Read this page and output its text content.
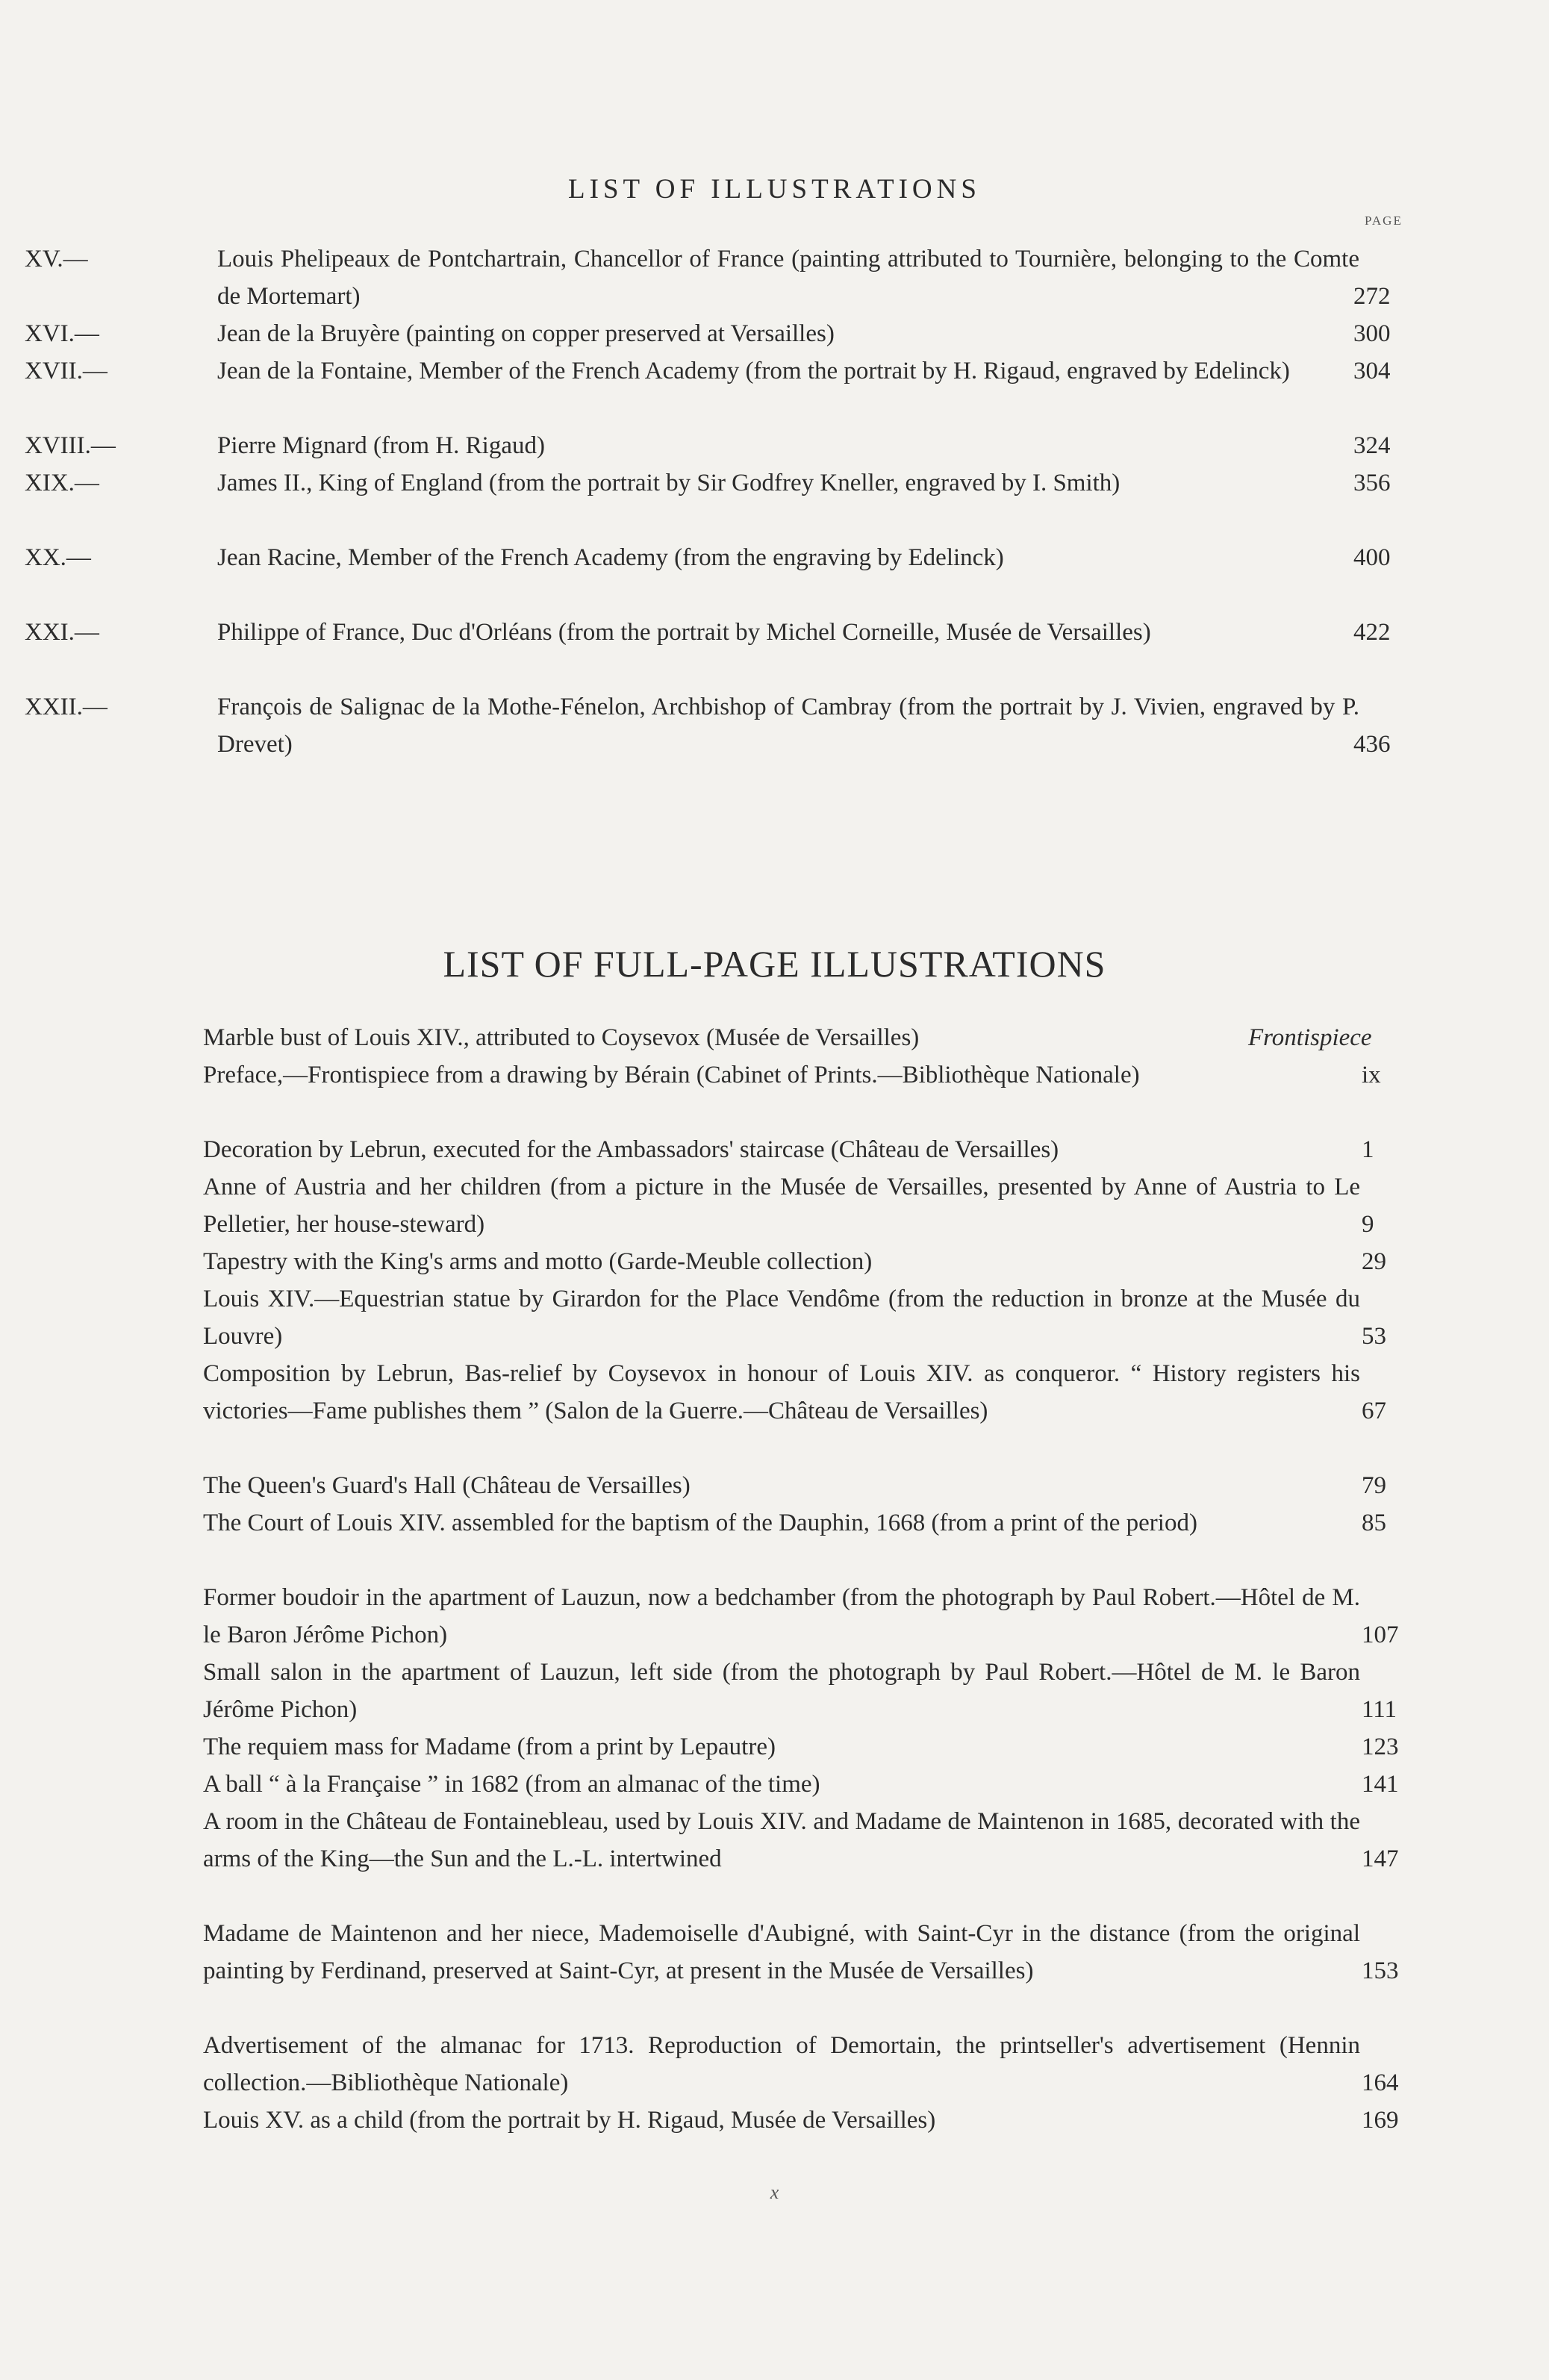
LIST OF ILLUSTRATIONS
PAGE
XV.—	Louis Phelipeaux de Pontchartrain, Chancellor of France (painting attributed to Tournière, belonging to the Comte de Mortemart)	272
XVI.—	Jean de la Bruyère (painting on copper preserved at Versailles)	300
XVII.—	Jean de la Fontaine, Member of the French Academy (from the portrait by H. Rigaud, engraved by Edelinck)	304
XVIII.—	Pierre Mignard (from H. Rigaud)	324
XIX.—	James II., King of England (from the portrait by Sir Godfrey Kneller, engraved by I. Smith)	356
XX.—	Jean Racine, Member of the French Academy (from the engraving by Edelinck)	400
XXI.—	Philippe of France, Duc d'Orléans (from the portrait by Michel Corneille, Musée de Versailles)	422
XXII.—	François de Salignac de la Mothe-Fénelon, Archbishop of Cambray (from the portrait by J. Vivien, engraved by P. Drevet)	436
LIST OF FULL-PAGE ILLUSTRATIONS
Marble bust of Louis XIV., attributed to Coysevox (Musée de Versailles)	Frontispiece
Preface,—Frontispiece from a drawing by Bérain (Cabinet of Prints.—Bibliothèque Nationale)	ix
Decoration by Lebrun, executed for the Ambassadors' staircase (Château de Versailles)	1
Anne of Austria and her children (from a picture in the Musée de Versailles, presented by Anne of Austria to Le Pelletier, her house-steward)	9
Tapestry with the King's arms and motto (Garde-Meuble collection)	29
Louis XIV.—Equestrian statue by Girardon for the Place Vendôme (from the reduction in bronze at the Musée du Louvre)	53
Composition by Lebrun, Bas-relief by Coysevox in honour of Louis XIV. as conqueror. “ History registers his victories—Fame publishes them ” (Salon de la Guerre.—Château de Versailles)	67
The Queen's Guard's Hall (Château de Versailles)	79
The Court of Louis XIV. assembled for the baptism of the Dauphin, 1668 (from a print of the period)	85
Former boudoir in the apartment of Lauzun, now a bedchamber (from the photograph by Paul Robert.—Hôtel de M. le Baron Jérôme Pichon)	107
Small salon in the apartment of Lauzun, left side (from the photograph by Paul Robert.—Hôtel de M. le Baron Jérôme Pichon)	111
The requiem mass for Madame (from a print by Lepautre)	123
A ball “ à la Française ” in 1682 (from an almanac of the time)	141
A room in the Château de Fontainebleau, used by Louis XIV. and Madame de Maintenon in 1685, decorated with the arms of the King—the Sun and the L.-L. intertwined	147
Madame de Maintenon and her niece, Mademoiselle d'Aubigné, with Saint-Cyr in the distance (from the original painting by Ferdinand, preserved at Saint-Cyr, at present in the Musée de Versailles)	153
Advertisement of the almanac for 1713. Reproduction of Demortain, the printseller's advertisement (Hennin collection.—Bibliothèque Nationale)	164
Louis XV. as a child (from the portrait by H. Rigaud, Musée de Versailles)	169
x
